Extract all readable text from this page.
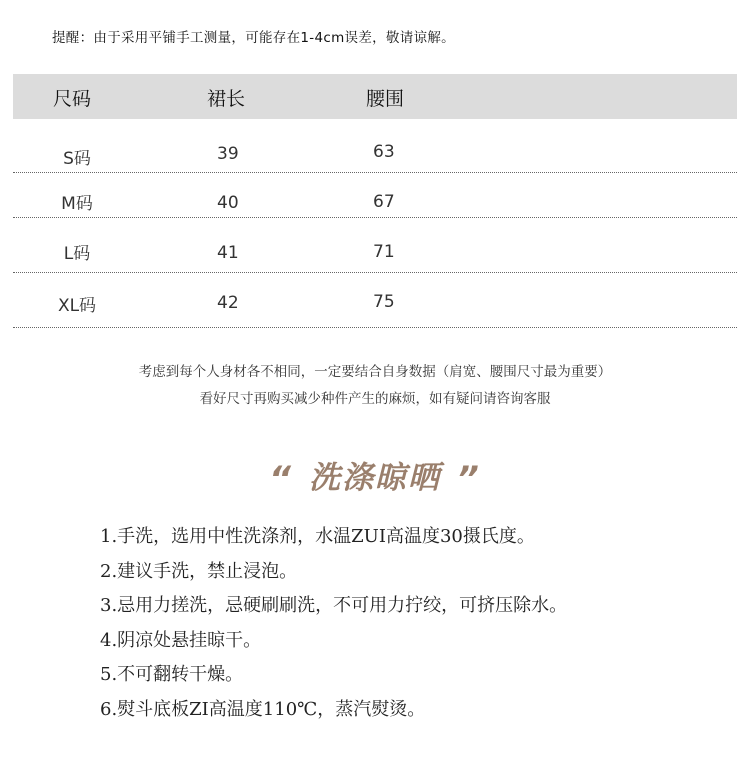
提醒：由于采用平铺手工测量，可能存在1-4cm误差，敬请谅解。
尺码	裙长	腰围
S码	39	63
M码	40	67
L码	41	71
XL码	42	75
考虑到每个人身材各不相同，一定要结合自身数据（肩宽、腰围尺寸最为重要）
看好尺寸再购买减少种件产生的麻烦，如有疑问请咨询客服
“ 洗涤晾晒 ”
1.手洗，选用中性洗涤剂，水温ZUI高温度30摄氏度。
2.建议手洗，禁止浸泡。
3.忌用力搓洗，忌硬刷刷洗，不可用力拧绞，可挤压除水。
4.阴凉处悬挂晾干。
5.不可翻转干燥。
6.熨斗底板ZI高温度110℃，蒸汽熨烫。
